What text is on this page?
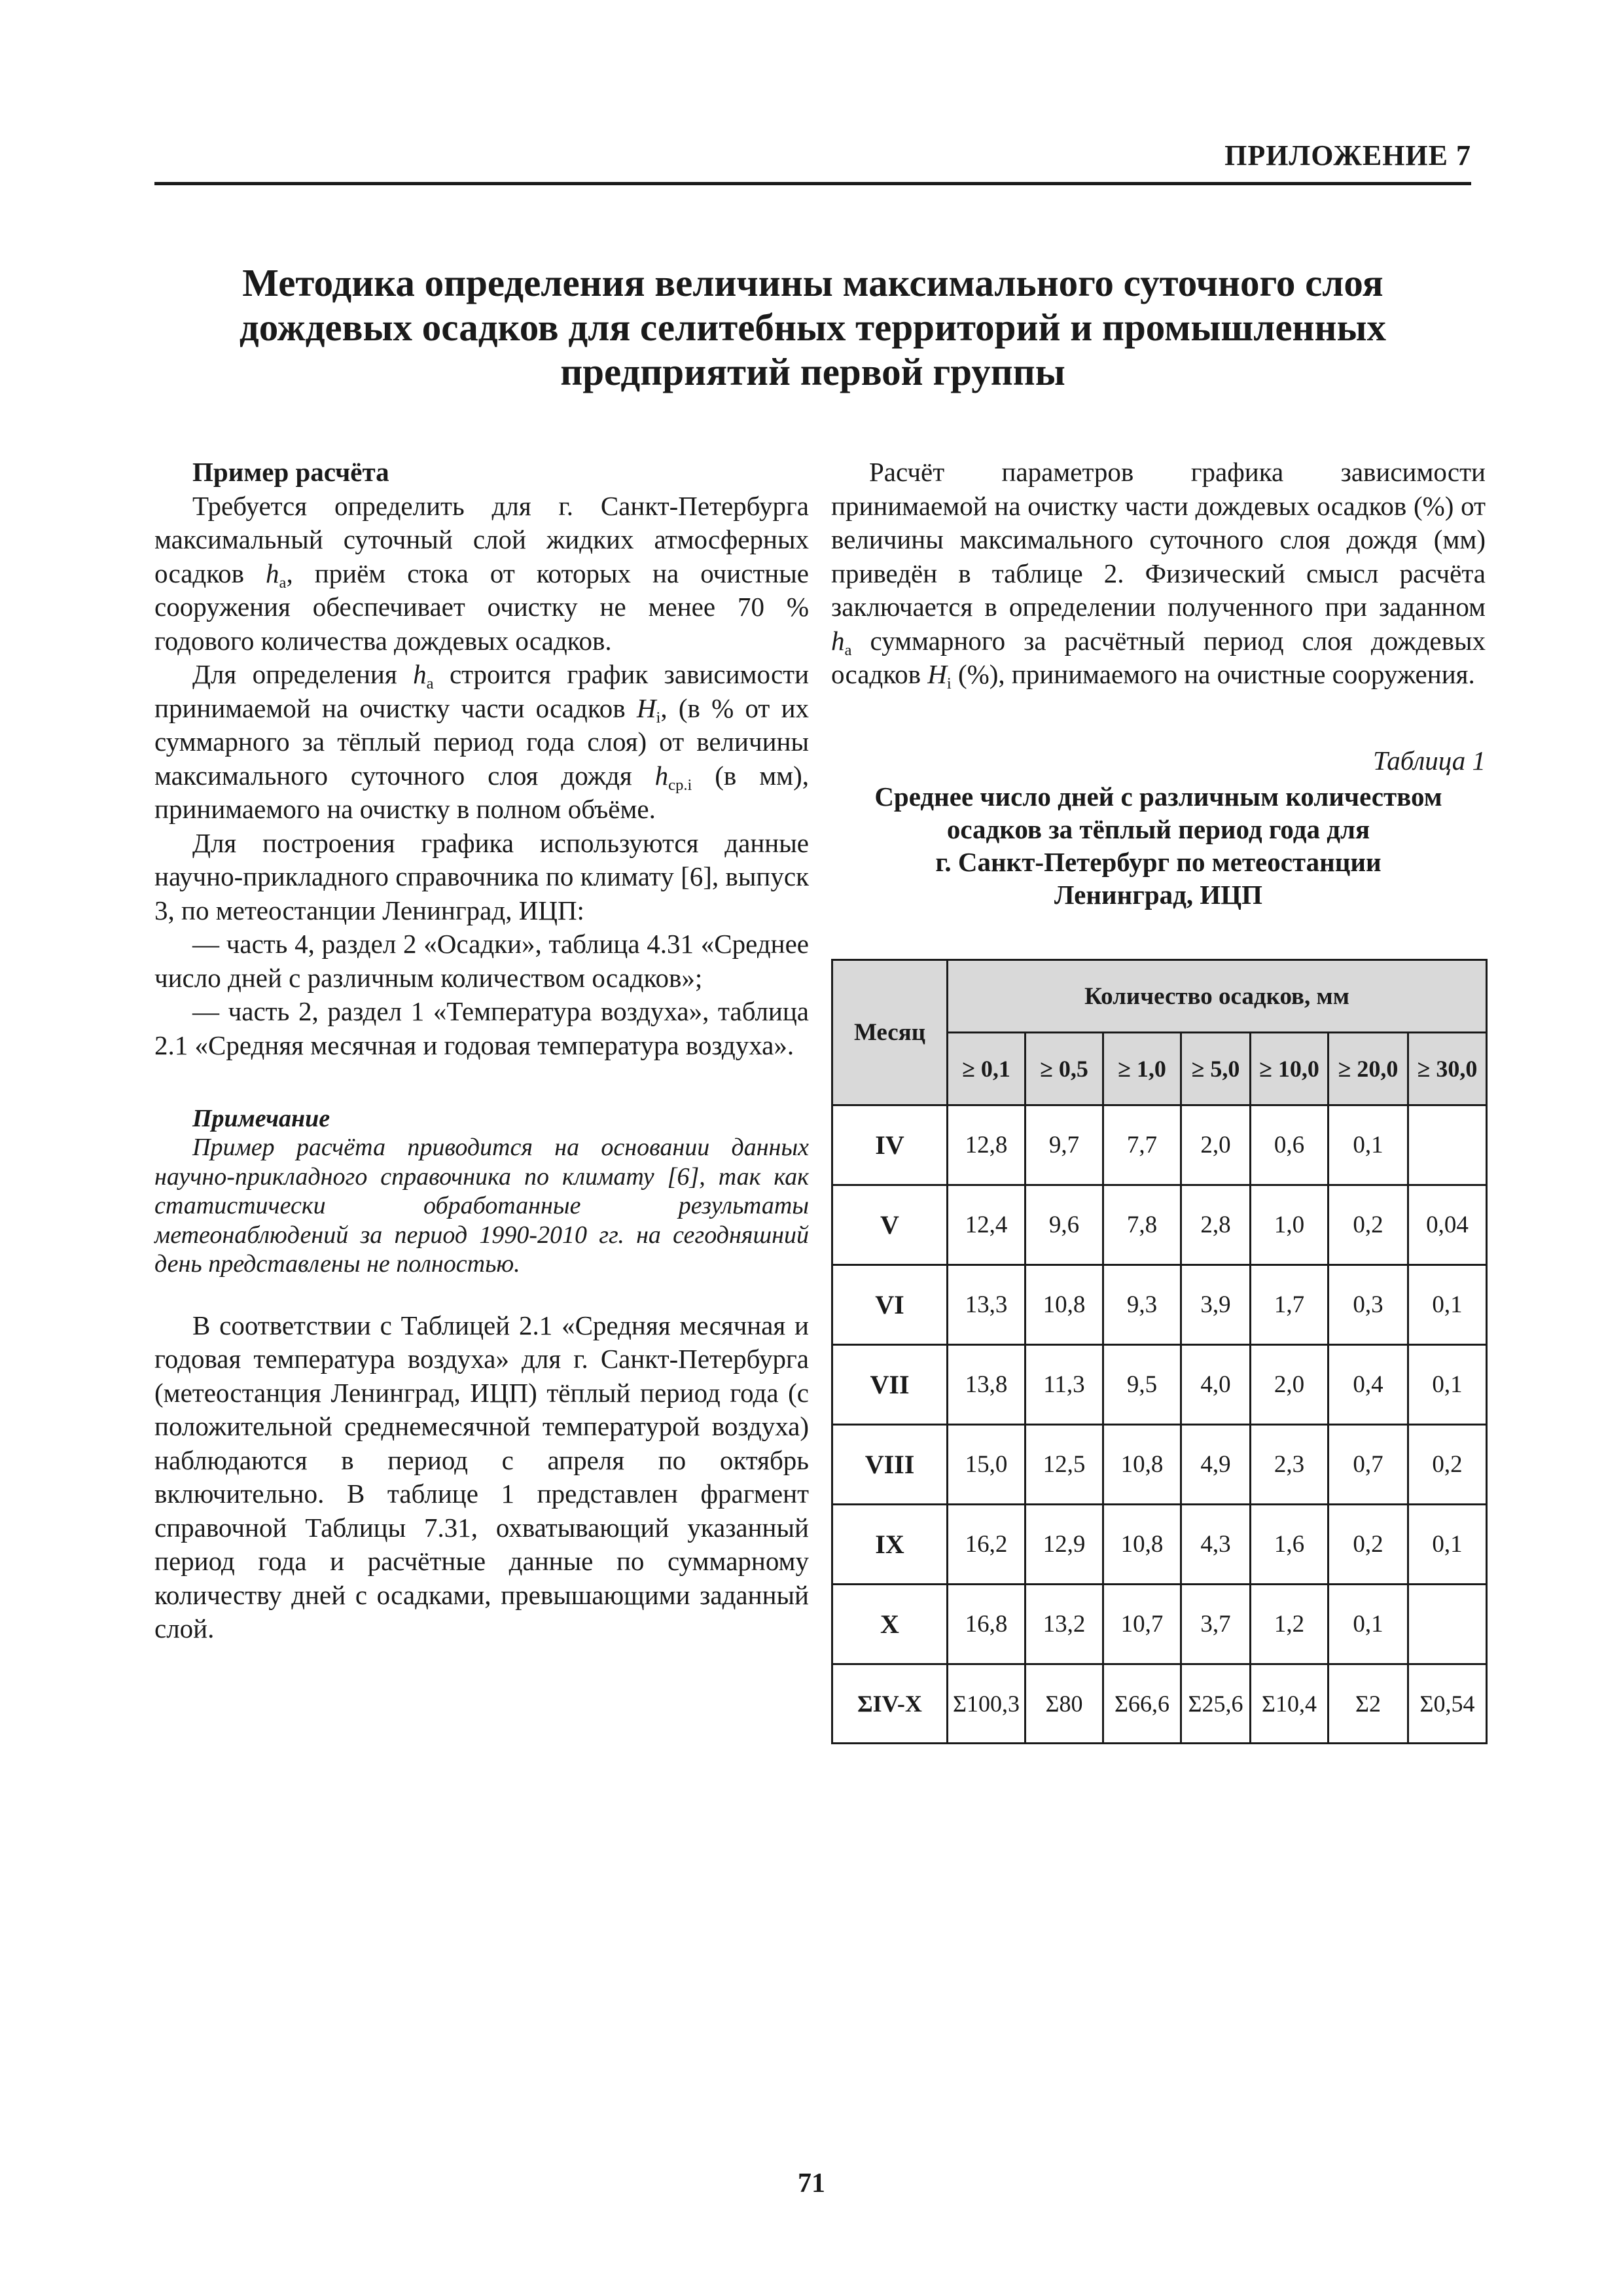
ПРИЛОЖЕНИЕ 7
Методика определения величины максимального суточного слоя
дождевых осадков для селитебных территорий и промышленных
предприятий первой группы
Пример расчёта

Требуется определить для г. Санкт-Петербурга максимальный суточный слой жидких атмосферных осадков $h_a$, приём стока от которых на очистные сооружения обеспечивает очистку не менее 70 % годового количества дождевых осадков.

Для определения $h_a$ строится график зависимости принимаемой на очистку части осадков $H_i$, (в % от их суммарного за тёплый период года слоя) от величины максимального суточного слоя дождя $h_{ср.i}$ (в мм), принимаемого на очистку в полном объёме.

Для построения графика используются данные научно-прикладного справочника по климату [6], выпуск 3, по метеостанции Ленинград, ИЦП:

— часть 4, раздел 2 «Осадки», таблица 4.31 «Среднее число дней с различным количеством осадков»;

— часть 2, раздел 1 «Температура воздуха», таблица 2.1 «Средняя месячная и годовая температура воздуха».

Примечание

Пример расчёта приводится на основании данных научно-прикладного справочника по климату [6], так как статистически обработанные результаты метеонаблюдений за период 1990-2010 гг. на сегодняшний день представлены не полностью.

В соответствии с Таблицей 2.1 «Средняя месячная и годовая температура воздуха» для г. Санкт-Петербурга (метеостанция Ленинград, ИЦП) тёплый период года (с положительной среднемесячной температурой воздуха) наблюдаются в период с апреля по октябрь включительно. В таблице 1 представлен фрагмент справочной Таблицы 7.31, охватывающий указанный период года и расчётные данные по суммарному количеству дней с осадками, превышающими заданный слой.

Расчёт параметров графика зависимости принимаемой на очистку части дождевых осадков (%) от величины максимального суточного слоя дождя (мм) приведён в таблице 2. Физический смысл расчёта заключается в определении полученного при заданном $h_a$ суммарного за расчётный период слоя дождевых осадков $H_i$ (%), принимаемого на очистные сооружения.

Таблица 1
Среднее число дней с различным количеством
осадков за тёплый период года для
г. Санкт-Петербург по метеостанции
Ленинград, ИЦП
Месяц	Количество осадков, мм						
	≥ 0,1	≥ 0,5	≥ 1,0	≥ 5,0	≥ 10,0	≥ 20,0	≥ 30,0
IV	12,8	9,7	7,7	2,0	0,6	0,1	
V	12,4	9,6	7,8	2,8	1,0	0,2	0,04
VI	13,3	10,8	9,3	3,9	1,7	0,3	0,1
VII	13,8	11,3	9,5	4,0	2,0	0,4	0,1
VIII	15,0	12,5	10,8	4,9	2,3	0,7	0,2
IX	16,2	12,9	10,8	4,3	1,6	0,2	0,1
X	16,8	13,2	10,7	3,7	1,2	0,1	
ΣIV-X	Σ100,3	Σ80	Σ66,6	Σ25,6	Σ10,4	Σ2	Σ0,54
71
